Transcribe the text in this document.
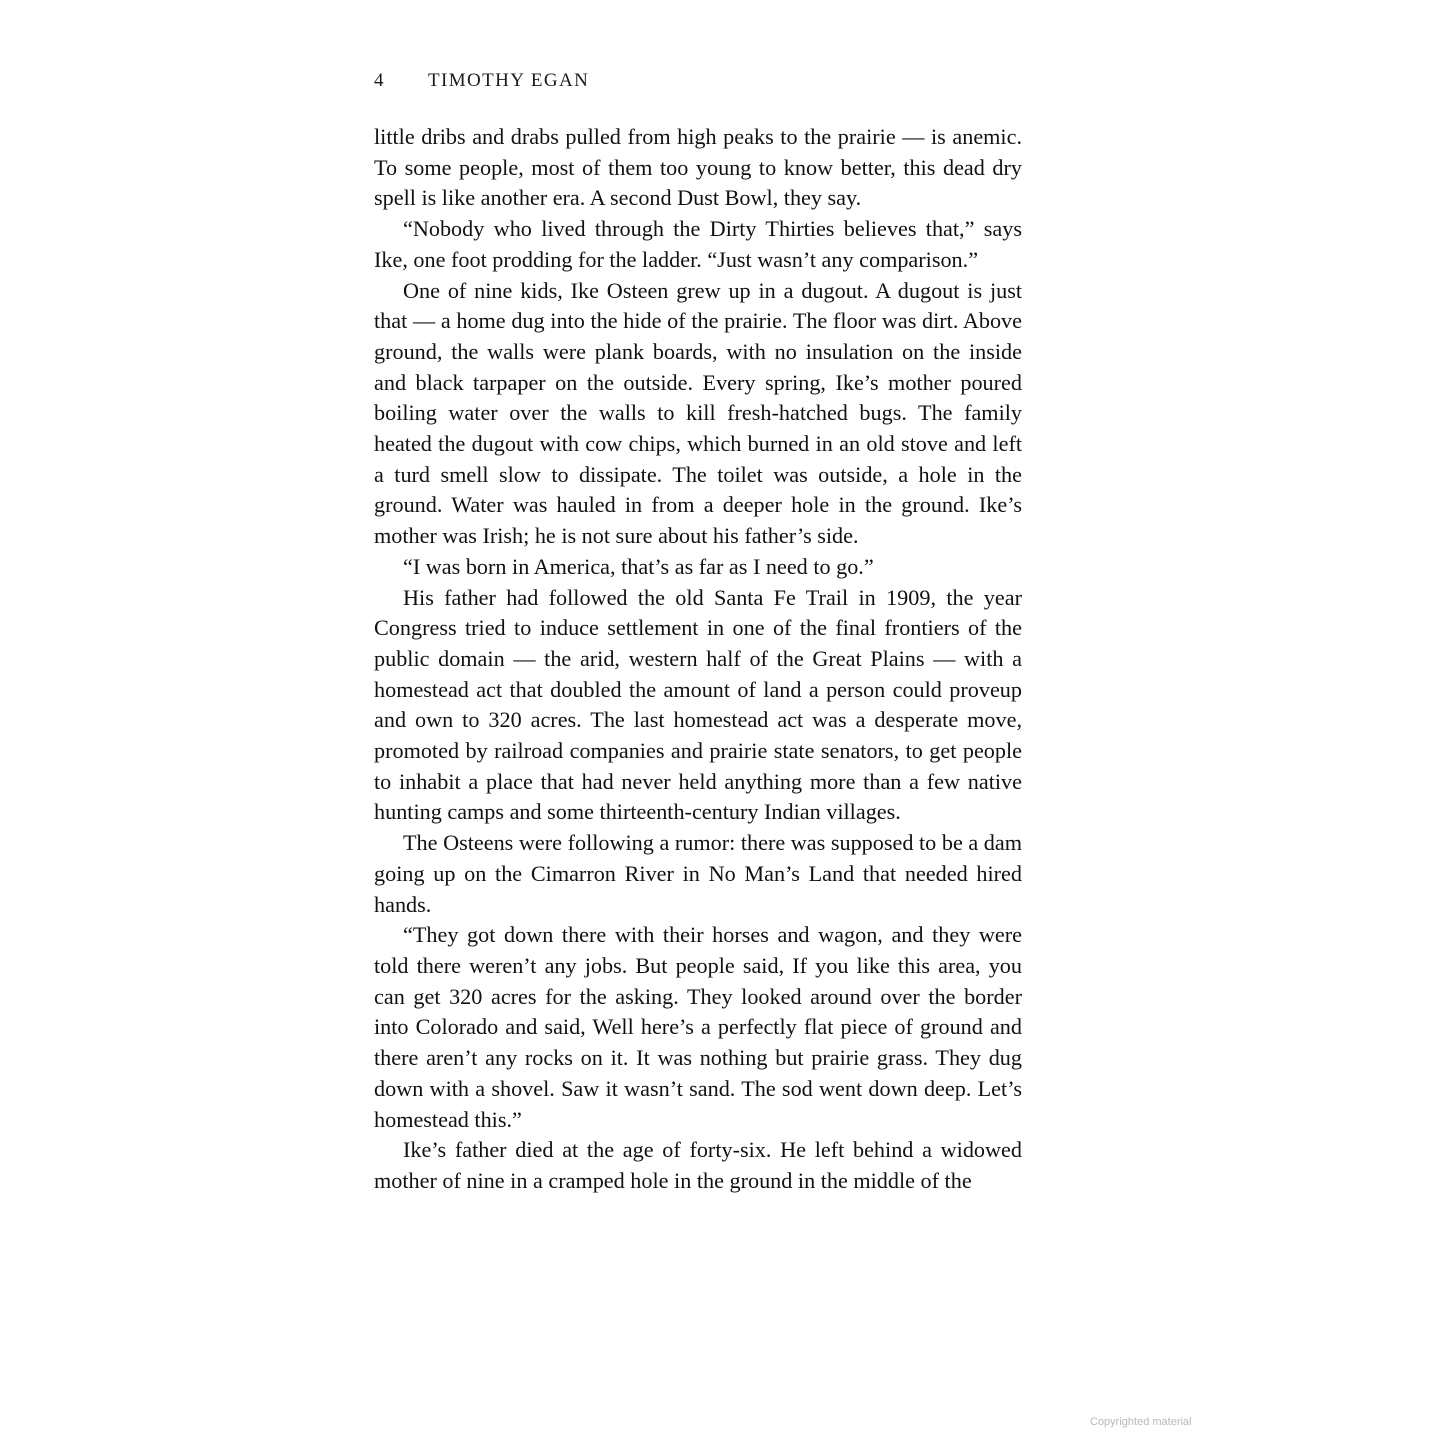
4 TIMOTHY EGAN

little dribs and drabs pulled from high peaks to the prairie — is anemic. To some people, most of them too young to know better, this dead dry spell is like another era. A second Dust Bowl, they say.

“Nobody who lived through the Dirty Thirties believes that,” says Ike, one foot prodding for the ladder. “Just wasn’t any comparison.”

One of nine kids, Ike Osteen grew up in a dugout. A dugout is just that — a home dug into the hide of the prairie. The floor was dirt. Above ground, the walls were plank boards, with no insulation on the inside and black tarpaper on the outside. Every spring, Ike’s mother poured boiling water over the walls to kill fresh-hatched bugs. The family heated the dugout with cow chips, which burned in an old stove and left a turd smell slow to dissipate. The toilet was outside, a hole in the ground. Water was hauled in from a deeper hole in the ground. Ike’s mother was Irish; he is not sure about his father’s side.

“I was born in America, that’s as far as I need to go.”

His father had followed the old Santa Fe Trail in 1909, the year Congress tried to induce settlement in one of the final frontiers of the public domain — the arid, western half of the Great Plains — with a homestead act that doubled the amount of land a person could proveup and own to 320 acres. The last homestead act was a desperate move, promoted by railroad companies and prairie state senators, to get people to inhabit a place that had never held anything more than a few native hunting camps and some thirteenth-century Indian villages.

The Osteens were following a rumor: there was supposed to be a dam going up on the Cimarron River in No Man’s Land that needed hired hands.

“They got down there with their horses and wagon, and they were told there weren’t any jobs. But people said, If you like this area, you can get 320 acres for the asking. They looked around over the border into Colorado and said, Well here’s a perfectly flat piece of ground and there aren’t any rocks on it. It was nothing but prairie grass. They dug down with a shovel. Saw it wasn’t sand. The sod went down deep. Let’s homestead this.”

Ike’s father died at the age of forty-six. He left behind a widowed mother of nine in a cramped hole in the ground in the middle of the

Copyrighted material
